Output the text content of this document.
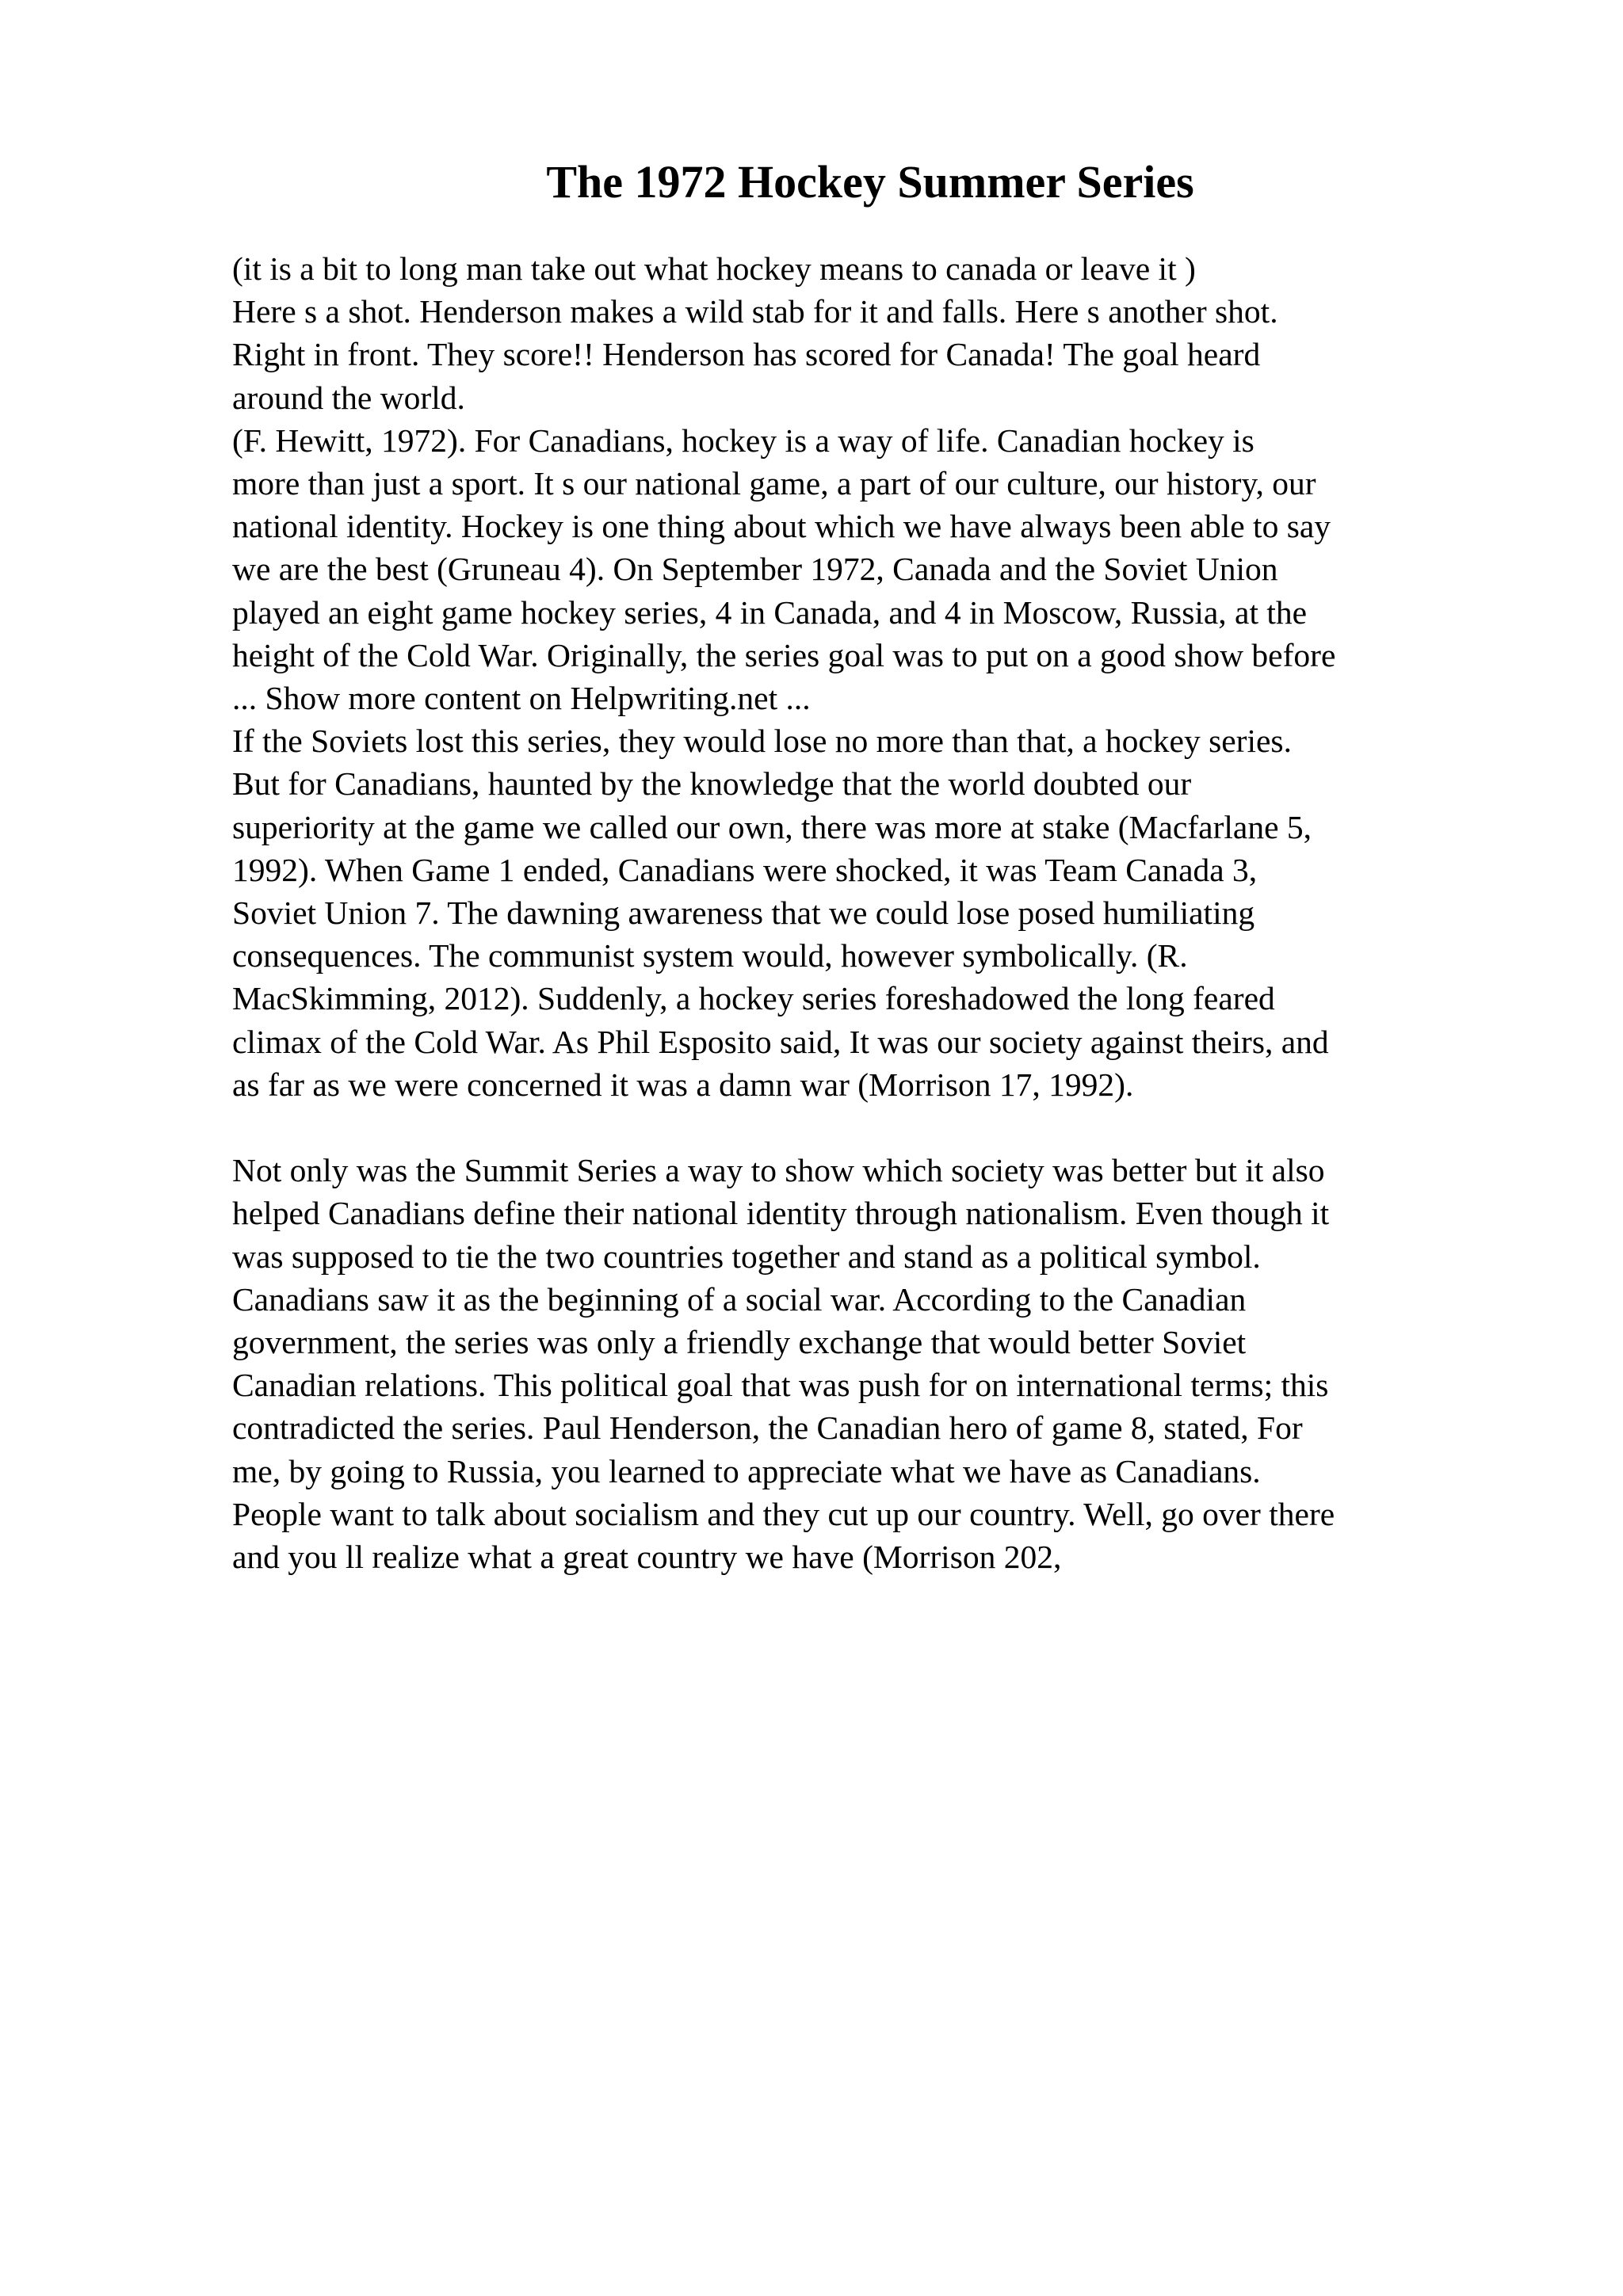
The 1972 Hockey Summer Series
(it is a bit to long man take out what hockey means to canada or leave it )
Here s a shot. Henderson makes a wild stab for it and falls. Here s another shot.
Right in front. They score!! Henderson has scored for Canada! The goal heard
around the world.
(F. Hewitt, 1972). For Canadians, hockey is a way of life. Canadian hockey is
more than just a sport. It s our national game, a part of our culture, our history, our
national identity. Hockey is one thing about which we have always been able to say
we are the best (Gruneau 4). On September 1972, Canada and the Soviet Union
played an eight game hockey series, 4 in Canada, and 4 in Moscow, Russia, at the
height of the Cold War. Originally, the series goal was to put on a good show before
... Show more content on Helpwriting.net ...
If the Soviets lost this series, they would lose no more than that, a hockey series.
But for Canadians, haunted by the knowledge that the world doubted our
superiority at the game we called our own, there was more at stake (Macfarlane 5,
1992). When Game 1 ended, Canadians were shocked, it was Team Canada 3,
Soviet Union 7. The dawning awareness that we could lose posed humiliating
consequences. The communist system would, however symbolically. (R.
MacSkimming, 2012). Suddenly, a hockey series foreshadowed the long feared
climax of the Cold War. As Phil Esposito said, It was our society against theirs, and
as far as we were concerned it was a damn war (Morrison 17, 1992).
Not only was the Summit Series a way to show which society was better but it also
helped Canadians define their national identity through nationalism. Even though it
was supposed to tie the two countries together and stand as a political symbol.
Canadians saw it as the beginning of a social war. According to the Canadian
government, the series was only a friendly exchange that would better Soviet
Canadian relations. This political goal that was push for on international terms; this
contradicted the series. Paul Henderson, the Canadian hero of game 8, stated, For
me, by going to Russia, you learned to appreciate what we have as Canadians.
People want to talk about socialism and they cut up our country. Well, go over there
and you ll realize what a great country we have (Morrison 202,
